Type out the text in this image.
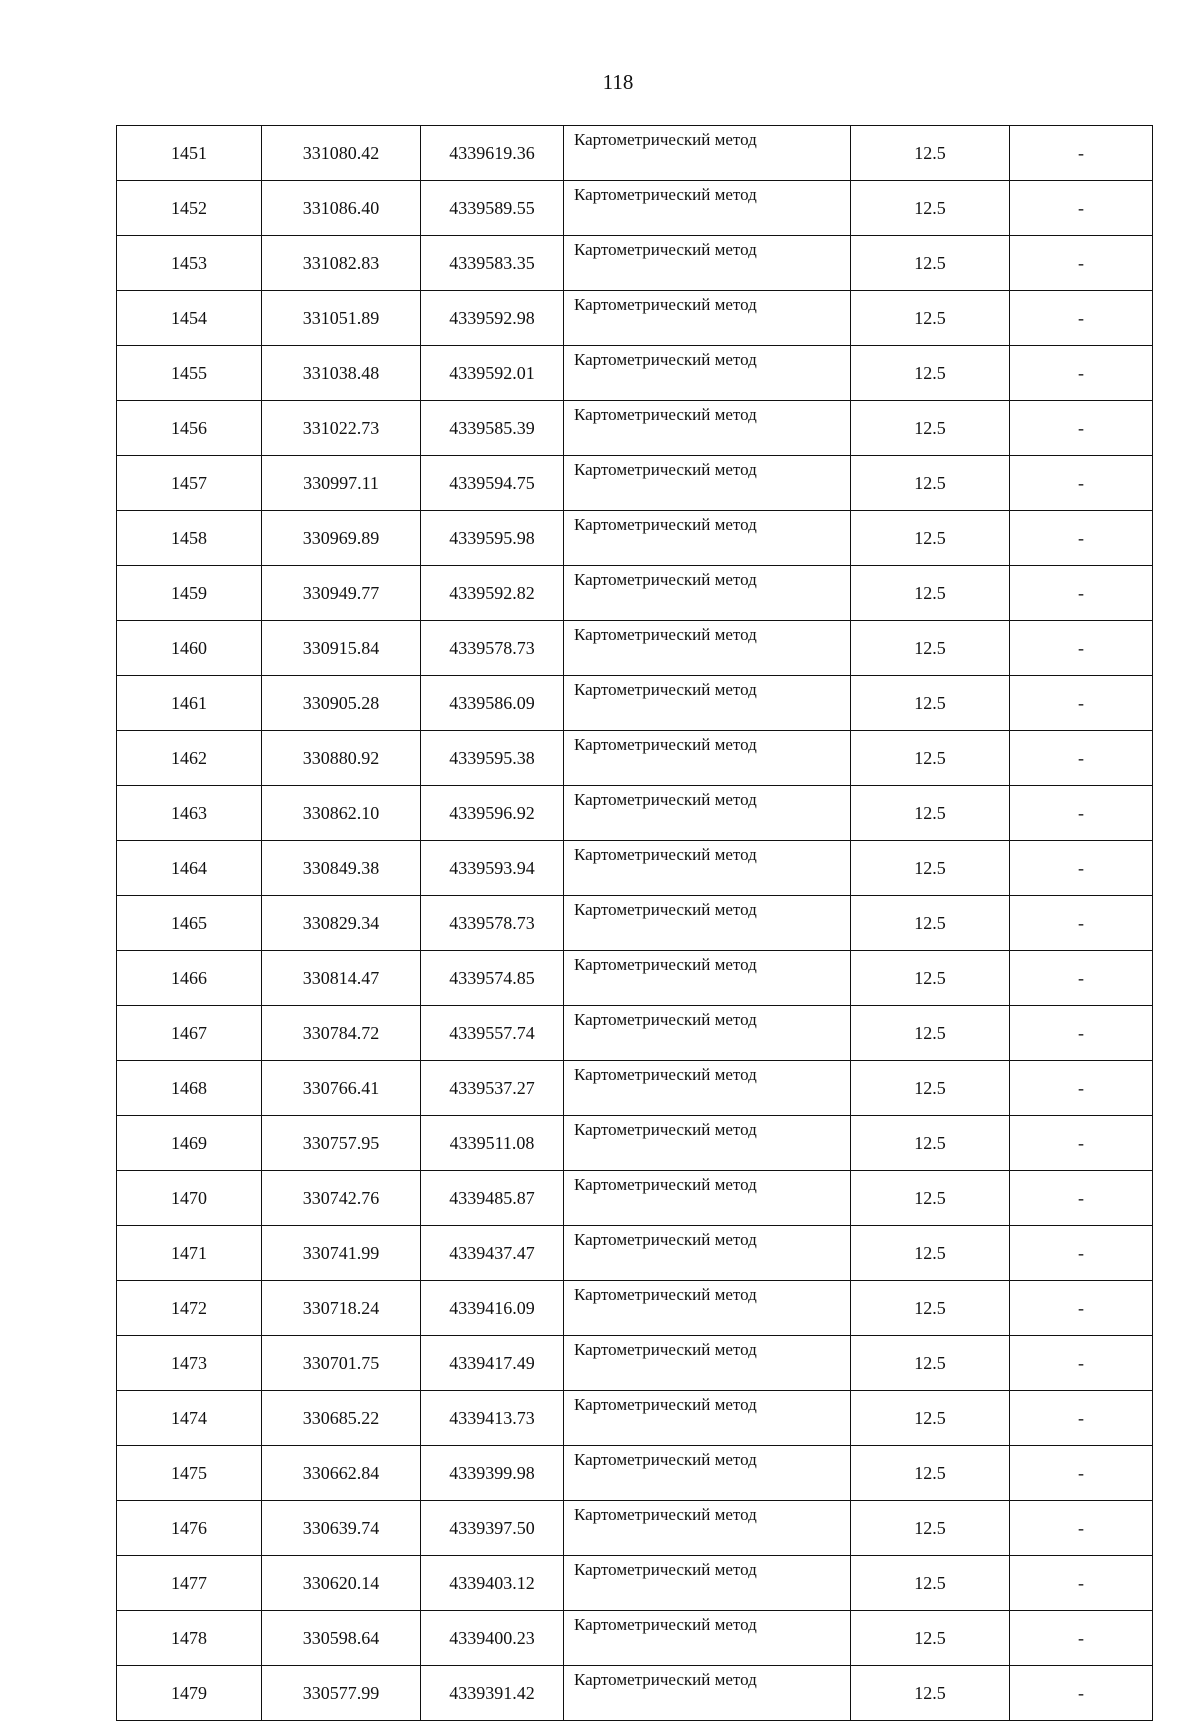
118
1451	331080.42	4339619.36	Картометрический метод	12.5	-
1452	331086.40	4339589.55	Картометрический метод	12.5	-
1453	331082.83	4339583.35	Картометрический метод	12.5	-
1454	331051.89	4339592.98	Картометрический метод	12.5	-
1455	331038.48	4339592.01	Картометрический метод	12.5	-
1456	331022.73	4339585.39	Картометрический метод	12.5	-
1457	330997.11	4339594.75	Картометрический метод	12.5	-
1458	330969.89	4339595.98	Картометрический метод	12.5	-
1459	330949.77	4339592.82	Картометрический метод	12.5	-
1460	330915.84	4339578.73	Картометрический метод	12.5	-
1461	330905.28	4339586.09	Картометрический метод	12.5	-
1462	330880.92	4339595.38	Картометрический метод	12.5	-
1463	330862.10	4339596.92	Картометрический метод	12.5	-
1464	330849.38	4339593.94	Картометрический метод	12.5	-
1465	330829.34	4339578.73	Картометрический метод	12.5	-
1466	330814.47	4339574.85	Картометрический метод	12.5	-
1467	330784.72	4339557.74	Картометрический метод	12.5	-
1468	330766.41	4339537.27	Картометрический метод	12.5	-
1469	330757.95	4339511.08	Картометрический метод	12.5	-
1470	330742.76	4339485.87	Картометрический метод	12.5	-
1471	330741.99	4339437.47	Картометрический метод	12.5	-
1472	330718.24	4339416.09	Картометрический метод	12.5	-
1473	330701.75	4339417.49	Картометрический метод	12.5	-
1474	330685.22	4339413.73	Картометрический метод	12.5	-
1475	330662.84	4339399.98	Картометрический метод	12.5	-
1476	330639.74	4339397.50	Картометрический метод	12.5	-
1477	330620.14	4339403.12	Картометрический метод	12.5	-
1478	330598.64	4339400.23	Картометрический метод	12.5	-
1479	330577.99	4339391.42	Картометрический метод	12.5	-
